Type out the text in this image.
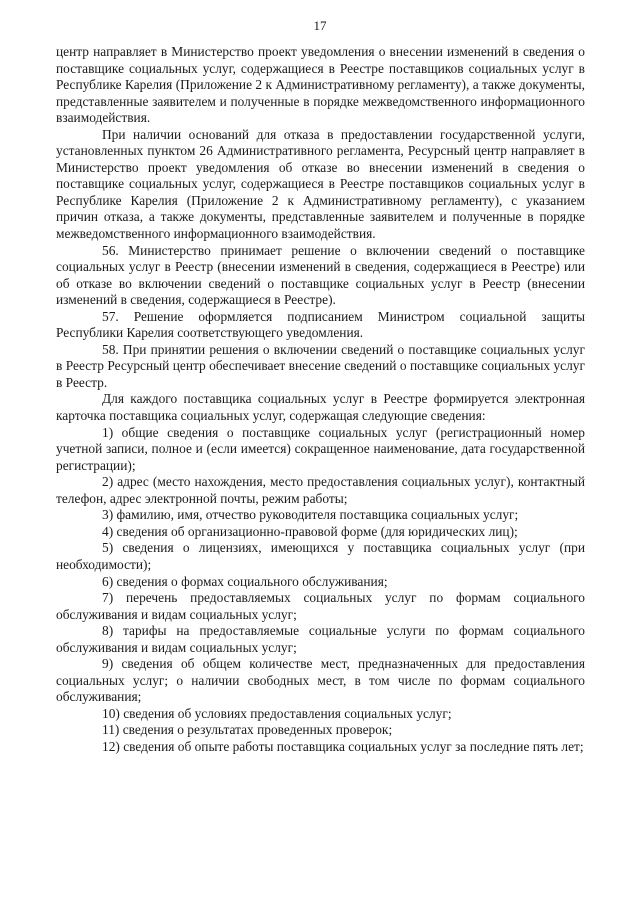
17

центр направляет в Министерство проект уведомления о внесении изменений в сведения о поставщике социальных услуг, содержащиеся в Реестре поставщиков социальных услуг в Республике Карелия (Приложение 2 к Административному регламенту), а также документы, представленные заявителем и полученные в порядке межведомственного информационного взаимодействия.

При наличии оснований для отказа в предоставлении государственной услуги, установленных пунктом 26 Административного регламента, Ресурсный центр направляет в Министерство проект уведомления об отказе во внесении изменений в сведения о поставщике социальных услуг, содержащиеся в Реестре поставщиков социальных услуг в Республике Карелия (Приложение 2 к Административному регламенту), с указанием причин отказа, а также документы, представленные заявителем и полученные в порядке межведомственного информационного взаимодействия.

56. Министерство принимает решение о включении сведений о поставщике социальных услуг в Реестр (внесении изменений в сведения, содержащиеся в Реестре) или об отказе во включении сведений о поставщике социальных услуг в Реестр (внесении изменений в сведения, содержащиеся в Реестре).

57. Решение оформляется подписанием Министром социальной защиты Республики Карелия соответствующего уведомления.

58. При принятии решения о включении сведений о поставщике социальных услуг в Реестр Ресурсный центр обеспечивает внесение сведений о поставщике социальных услуг в Реестр.

Для каждого поставщика социальных услуг в Реестре формируется электронная карточка поставщика социальных услуг, содержащая следующие сведения:

1) общие сведения о поставщике социальных услуг (регистрационный номер учетной записи, полное и (если имеется) сокращенное наименование, дата государственной регистрации);

2) адрес (место нахождения, место предоставления социальных услуг), контактный телефон, адрес электронной почты, режим работы;

3) фамилию, имя, отчество руководителя поставщика социальных услуг;

4) сведения об организационно-правовой форме (для юридических лиц);

5) сведения о лицензиях, имеющихся у поставщика социальных услуг (при необходимости);

6) сведения о формах социального обслуживания;

7) перечень предоставляемых социальных услуг по формам социального обслуживания и видам социальных услуг;

8) тарифы на предоставляемые социальные услуги по формам социального обслуживания и видам социальных услуг;

9) сведения об общем количестве мест, предназначенных для предоставления социальных услуг; о наличии свободных мест, в том числе по формам социального обслуживания;

10) сведения об условиях предоставления социальных услуг;

11) сведения о результатах проведенных проверок;

12) сведения об опыте работы поставщика социальных услуг за последние пять лет;
